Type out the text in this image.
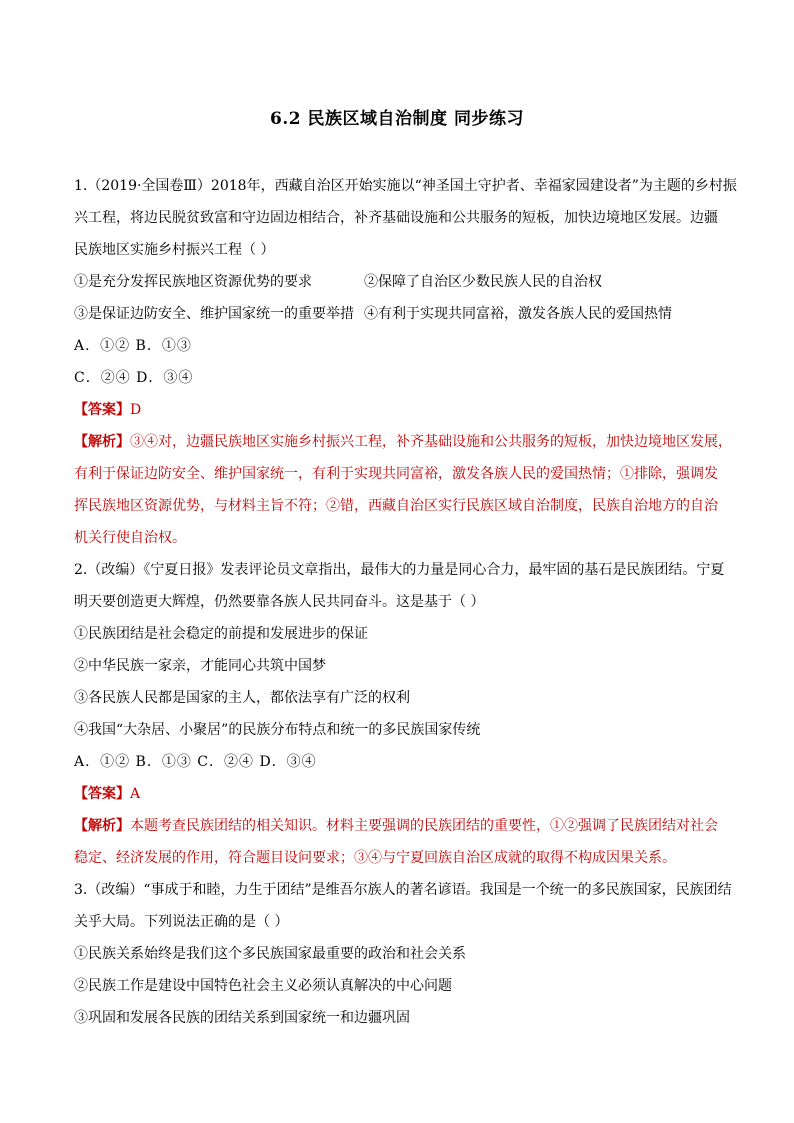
6.2 民族区域自治制度 同步练习
1.（2019·全国卷Ⅲ）2018年，西藏自治区开始实施以“神圣国土守护者、幸福家园建设者”为主题的乡村振
兴工程，将边民脱贫致富和守边固边相结合，补齐基础设施和公共服务的短板，加快边境地区发展。边疆
民族地区实施乡村振兴工程（ ）
①是充分发挥民族地区资源优势的要求	②保障了自治区少数民族人民的自治权
③是保证边防安全、维护国家统一的重要举措 ④有利于实现共同富裕，激发各族人民的爱国热情
A．①② B．①③
C．②④ D．③④
【答案】D
【解析】③④对，边疆民族地区实施乡村振兴工程，补齐基础设施和公共服务的短板，加快边境地区发展，
有利于保证边防安全、维护国家统一，有利于实现共同富裕，激发各族人民的爱国热情；①排除，强调发
挥民族地区资源优势，与材料主旨不符；②错，西藏自治区实行民族区域自治制度，民族自治地方的自治
机关行使自治权。
2.（改编）《宁夏日报》发表评论员文章指出，最伟大的力量是同心合力，最牢固的基石是民族团结。宁夏
明天要创造更大辉煌，仍然要靠各族人民共同奋斗。这是基于（ ）
①民族团结是社会稳定的前提和发展进步的保证
②中华民族一家亲，才能同心共筑中国梦
③各民族人民都是国家的主人，都依法享有广泛的权利
④我国“大杂居、小聚居”的民族分布特点和统一的多民族国家传统
A．①② B．①③ C．②④ D．③④
【答案】A
【解析】本题考查民族团结的相关知识。材料主要强调的民族团结的重要性，①②强调了民族团结对社会
稳定、经济发展的作用，符合题目设问要求；③④与宁夏回族自治区成就的取得不构成因果关系。
3.（改编）“事成于和睦，力生于团结”是维吾尔族人的著名谚语。我国是一个统一的多民族国家，民族团结
关乎大局。下列说法正确的是（ ）
①民族关系始终是我们这个多民族国家最重要的政治和社会关系
②民族工作是建设中国特色社会主义必须认真解决的中心问题
③巩固和发展各民族的团结关系到国家统一和边疆巩固
